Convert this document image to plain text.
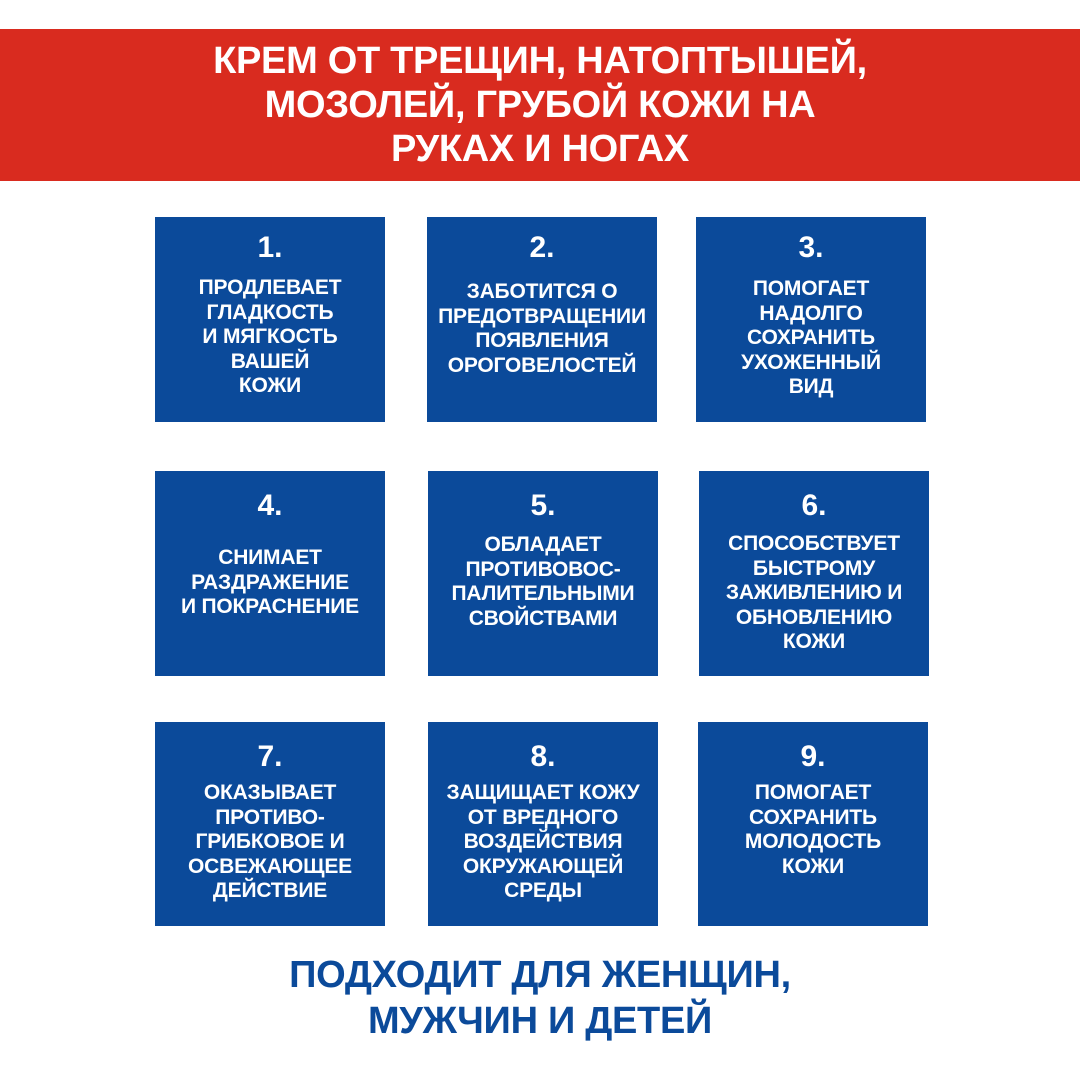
КРЕМ ОТ ТРЕЩИН, НАТОПТЫШЕЙ,
МОЗОЛЕЙ, ГРУБОЙ КОЖИ НА
РУКАХ И НОГАХ
1.
ПРОДЛЕВАЕТ
ГЛАДКОСТЬ
И МЯГКОСТЬ
ВАШЕЙ
КОЖИ
2.
ЗАБОТИТСЯ О
ПРЕДОТВРАЩЕНИИ
ПОЯВЛЕНИЯ
ОРОГОВЕЛОСТЕЙ
3.
ПОМОГАЕТ
НАДОЛГО
СОХРАНИТЬ
УХОЖЕННЫЙ
ВИД
4.
СНИМАЕТ
РАЗДРАЖЕНИЕ
И ПОКРАСНЕНИЕ
5.
ОБЛАДАЕТ
ПРОТИВОВОС-
ПАЛИТЕЛЬНЫМИ
СВОЙСТВАМИ
6.
СПОСОБСТВУЕТ
БЫСТРОМУ
ЗАЖИВЛЕНИЮ И
ОБНОВЛЕНИЮ
КОЖИ
7.
ОКАЗЫВАЕТ
ПРОТИВО-
ГРИБКОВОЕ И
ОСВЕЖАЮЩЕЕ
ДЕЙСТВИЕ
8.
ЗАЩИЩАЕТ КОЖУ
ОТ ВРЕДНОГО
ВОЗДЕЙСТВИЯ
ОКРУЖАЮЩЕЙ
СРЕДЫ
9.
ПОМОГАЕТ
СОХРАНИТЬ
МОЛОДОСТЬ
КОЖИ
ПОДХОДИТ ДЛЯ ЖЕНЩИН,
МУЖЧИН И ДЕТЕЙ
